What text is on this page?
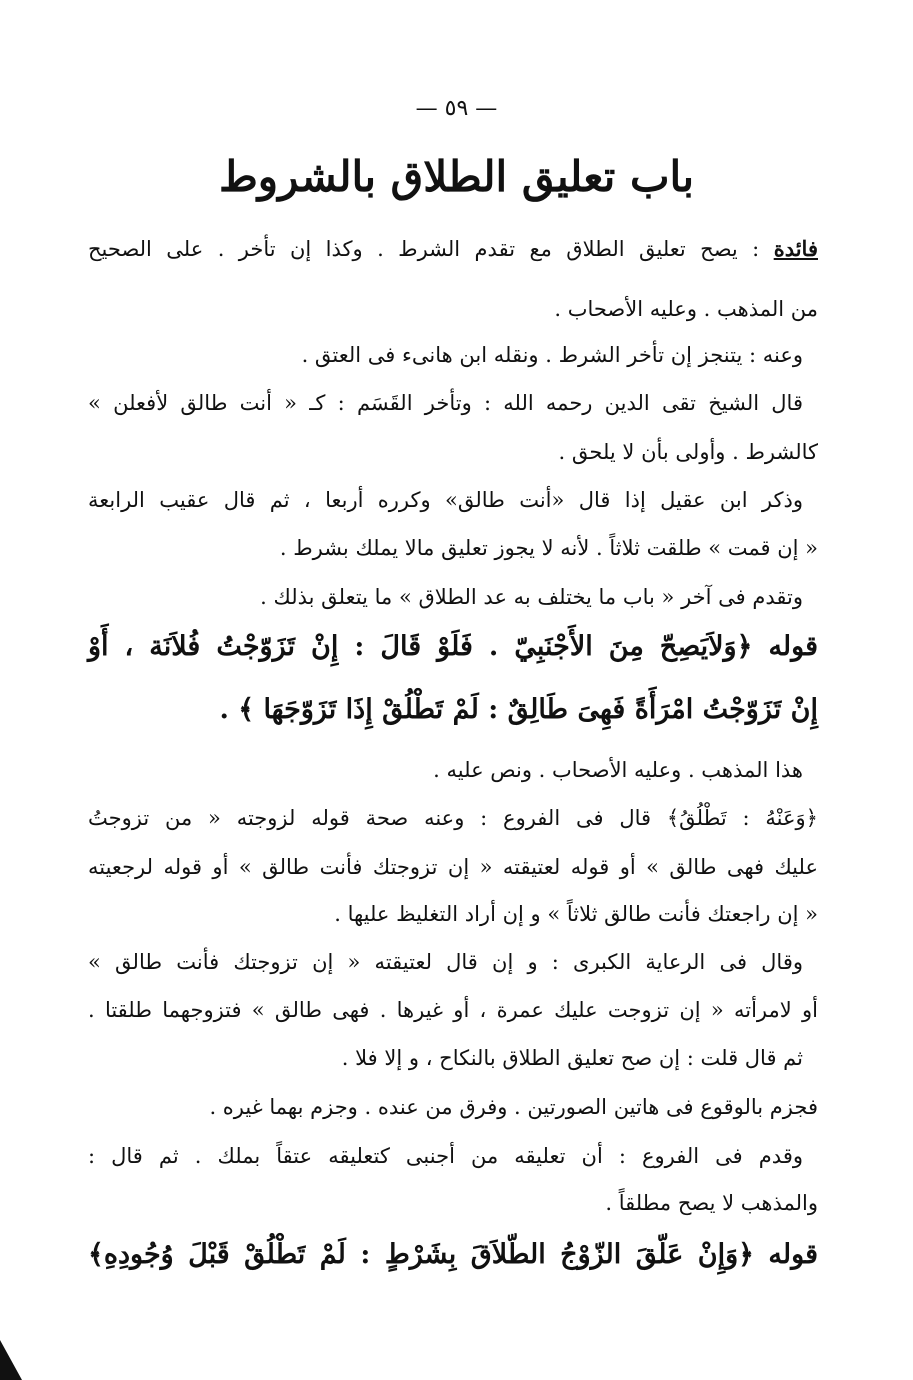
— ٥٩ —
باب تعليق الطلاق بالشروط
فائدة : يصح تعليق الطلاق مع تقدم الشرط . وكذا إن تأخر . على الصحيح
من المذهب . وعليه الأصحاب .
وعنه : يتنجز إن تأخر الشرط . ونقله ابن هانىء فى العتق .
قال الشيخ تقى الدين رحمه الله : وتأخر القَسَم : كـ « أنت طالق لأفعلن »
كالشرط . وأولى بأن لا يلحق .
وذكر ابن عقيل إذا قال «أنت طالق» وكرره أربعا ، ثم قال عقيب الرابعة
« إن قمت » طلقت ثلاثاً . لأنه لا يجوز تعليق مالا يملك بشرط .
وتقدم فى آخر « باب ما يختلف به عد الطلاق » ما يتعلق بذلك .
قوله ﴿وَلاَيَصِحّ مِنَ الأَجْنَبِيّ . فَلَوْ قَالَ : إِنْ تَزَوّجْتُ فُلاَنَة ، أَوْ
إِنْ تَزَوّجْتُ امْرَأَةً فَهِىَ طَالِقٌ : لَمْ تَطْلُقْ إِذَا تَزَوّجَهَا ﴾ .
هذا المذهب . وعليه الأصحاب . ونص عليه .
﴿وَعَنْهُ : تَطْلُقُ﴾ قال فى الفروع : وعنه صحة قوله لزوجته « من تزوجتُ
عليك فهى طالق » أو قوله لعتيقته « إن تزوجتك فأنت طالق » أو قوله لرجعيته
« إن راجعتك فأنت طالق ثلاثاً » و إن أراد التغليظ عليها .
وقال فى الرعاية الكبرى : و إن قال لعتيقته « إن تزوجتك فأنت طالق »
أو لامرأته « إن تزوجت عليك عمرة ، أو غيرها . فهى طالق » فتزوجهما طلقتا .
ثم قال قلت : إن صح تعليق الطلاق بالنكاح ، و إلا فلا .
فجزم بالوقوع فى هاتين الصورتين . وفرق من عنده . وجزم بهما غيره .
وقدم فى الفروع : أن تعليقه من أجنبى كتعليقه عتقاً بملك . ثم قال :
والمذهب لا يصح مطلقاً .
قوله ﴿وَإِنْ عَلّقَ الزّوْجُ الطّلاَقَ بِشَرْطٍ : لَمْ تَطْلُقْ قَبْلَ وُجُودِهِ﴾
